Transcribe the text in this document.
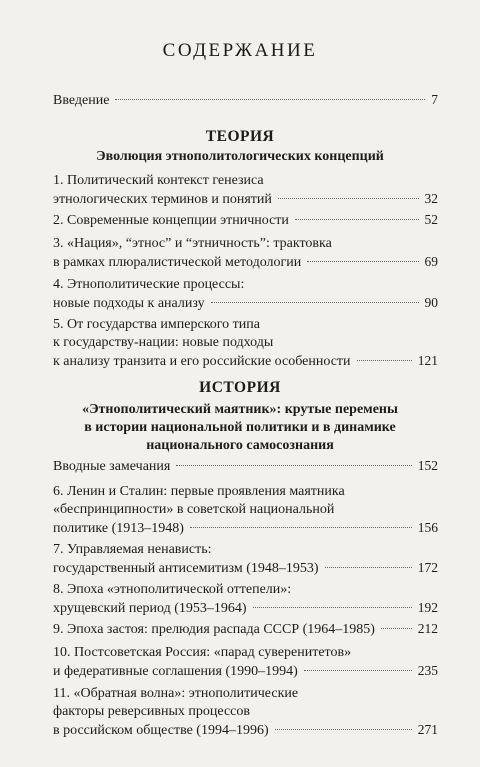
СОДЕРЖАНИЕ
Введение	7
ТЕОРИЯ
Эволюция этнополитологических концепций
1. Политический контекст генезиса
этнологических терминов и понятий	32
2. Современные концепции этничности	52
3. «Нация», “этнос” и “этничность”: трактовка
в рамках плюралистической методологии	69
4. Этнополитические процессы:
новые подходы к анализу	90
5. От государства имперского типа
к государству-нации: новые подходы
к анализу транзита и его российские особенности	121
ИСТОРИЯ
«Этнополитический маятник»: крутые перемены
в истории национальной политики и в динамике
национального самосознания
Вводные замечания	152
6. Ленин и Сталин: первые проявления маятника
«беспринципности» в советской национальной
политике (1913–1948)	156
7. Управляемая ненависть:
государственный антисемитизм (1948–1953)	172
8. Эпоха «этнополитической оттепели»:
хрущевский период (1953–1964)	192
9. Эпоха застоя: прелюдия распада СССР (1964–1985)	212
10. Постсоветская Россия: «парад суверенитетов»
и федеративные соглашения (1990–1994)	235
11. «Обратная волна»: этнополитические
факторы реверсивных процессов
в российском обществе (1994–1996)	271
